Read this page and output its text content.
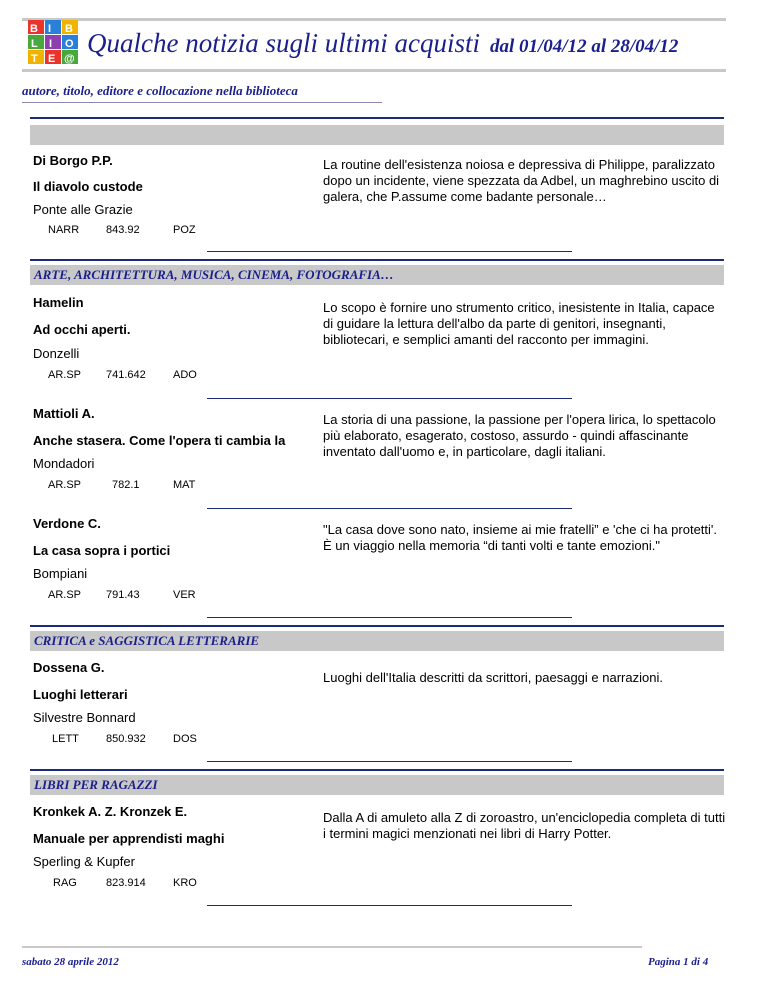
B I B
L I O
T E @
Qualche notizia sugli ultimi acquisti dal 01/04/12 al 28/04/12
autore, titolo, editore e collocazione nella biblioteca
Di Borgo P.P.
Il diavolo custode
Ponte alle Grazie
NARR 843.92	POZ
La routine dell'esistenza noiosa e depressiva di Philippe, paralizzato dopo un incidente, viene spezzata da Adbel, un maghrebino uscito di galera, che P.assume come badante personale…
ARTE, ARCHITETTURA, MUSICA, CINEMA, FOTOGRAFIA…
Hamelin
Ad occhi aperti.
Donzelli
AR.SP 741.642 ADO
Lo scopo è fornire uno strumento critico, inesistente in Italia, capace di guidare la lettura dell'albo da parte di genitori, insegnanti, bibliotecari, e semplici amanti del racconto per immagini.
Mattioli A.
Anche stasera. Come l'opera ti cambia la
Mondadori
AR.SP	782.1	MAT
La storia di una passione, la passione per l'opera lirica, lo spettacolo più elaborato, esagerato, costoso, assurdo - quindi affascinante inventato dall'uomo e, in particolare, dagli italiani.
Verdone C.
La casa sopra i portici
Bompiani
AR.SP 791.43	VER
"La casa dove sono nato, insieme ai mie fratelli” e 'che ci ha protetti'. È un viaggio nella memoria “di tanti volti e tante emozioni."
CRITICA e SAGGISTICA LETTERARIE
Dossena G.
Luoghi letterari
Silvestre Bonnard
LETT 850.932 DOS
Luoghi dell'Italia descritti da scrittori, paesaggi e narrazioni.
LIBRI PER RAGAZZI
Kronkek A. Z. Kronzek E.
Manuale per apprendisti maghi
Sperling & Kupfer
RAG	823.914 KRO
Dalla A di amuleto alla Z di zoroastro, un'enciclopedia completa di tutti i termini magici menzionati nei libri di Harry Potter.
sabato 28 aprile 2012	Pagina 1 di 4
